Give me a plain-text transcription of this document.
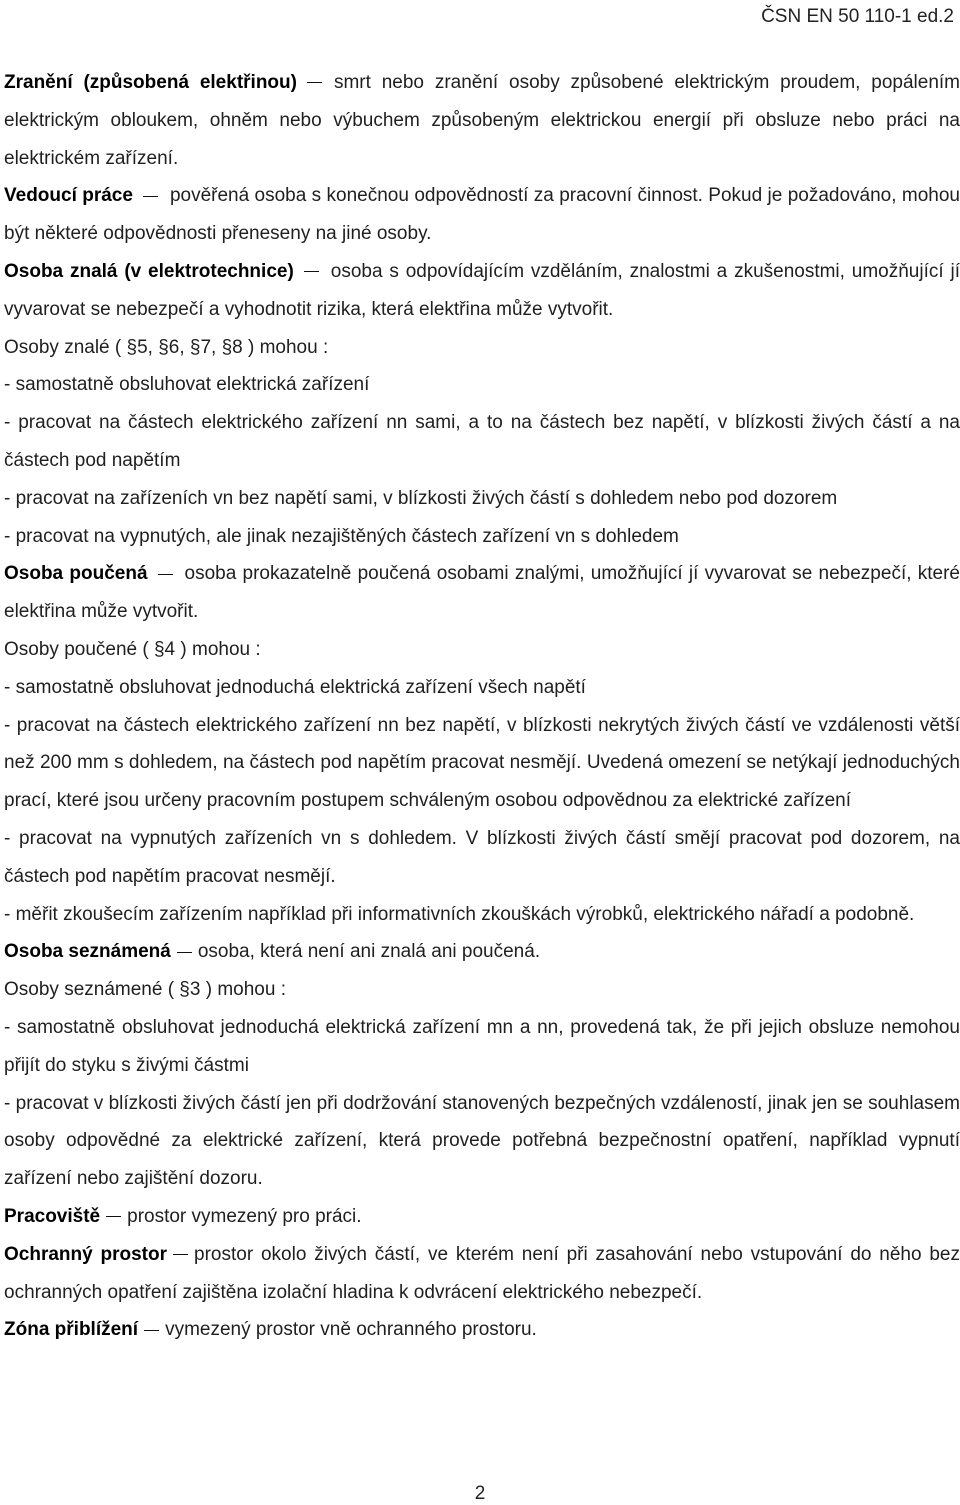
ČSN EN 50 110-1 ed.2

Zranění (způsobená elektřinou) smrt nebo zranění osoby způsobené elektrickým proudem, popálením elektrickým obloukem, ohněm nebo výbuchem způsobeným elektrickou energií při obsluze nebo práci na elektrickém zařízení.

Vedoucí práce pověřená osoba s konečnou odpovědností za pracovní činnost. Pokud je požadováno, mohou být některé odpovědnosti přeneseny na jiné osoby.

Osoba znalá (v elektrotechnice) osoba s odpovídajícím vzděláním, znalostmi a zkušenostmi, umožňující jí vyvarovat se nebezpečí a vyhodnotit rizika, která elektřina může vytvořit.

Osoby znalé ( §5, §6, §7, §8 ) mohou :

- samostatně obsluhovat elektrická zařízení

- pracovat na částech elektrického zařízení nn sami, a to na částech bez napětí, v blízkosti živých částí a na částech pod napětím

- pracovat na zařízeních vn bez napětí sami, v blízkosti živých částí s dohledem nebo pod dozorem

- pracovat na vypnutých, ale jinak nezajištěných částech zařízení vn s dohledem

Osoba poučená osoba prokazatelně poučená osobami znalými, umožňující jí vyvarovat se nebezpečí, které elektřina může vytvořit.

Osoby poučené ( §4 ) mohou :

- samostatně obsluhovat jednoduchá elektrická zařízení všech napětí

- pracovat na částech elektrického zařízení nn bez napětí, v blízkosti nekrytých živých částí ve vzdálenosti větší než 200 mm s dohledem, na částech pod napětím pracovat nesmějí. Uvedená omezení se netýkají jednoduchých prací, které jsou určeny pracovním postupem schváleným osobou odpovědnou za elektrické zařízení

- pracovat na vypnutých zařízeních vn s dohledem. V blízkosti živých částí smějí pracovat pod dozorem, na částech pod napětím pracovat nesmějí.

- měřit zkoušecím zařízením například při informativních zkouškách výrobků, elektrického nářadí a podobně.

Osoba seznámená osoba, která není ani znalá ani poučená.

Osoby seznámené ( §3 ) mohou :

- samostatně obsluhovat jednoduchá elektrická zařízení mn a nn, provedená tak, že při jejich obsluze nemohou přijít do styku s živými částmi

- pracovat v blízkosti živých částí jen při dodržování stanovených bezpečných vzdáleností, jinak jen se souhlasem osoby odpovědné za elektrické zařízení, která provede potřebná bezpečnostní opatření, například vypnutí zařízení nebo zajištění dozoru.

Pracoviště prostor vymezený pro práci.

Ochranný prostor prostor okolo živých částí, ve kterém není při zasahování nebo vstupování do něho bez ochranných opatření zajištěna izolační hladina k odvrácení elektrického nebezpečí.

Zóna přiblížení vymezený prostor vně ochranného prostoru.

2
